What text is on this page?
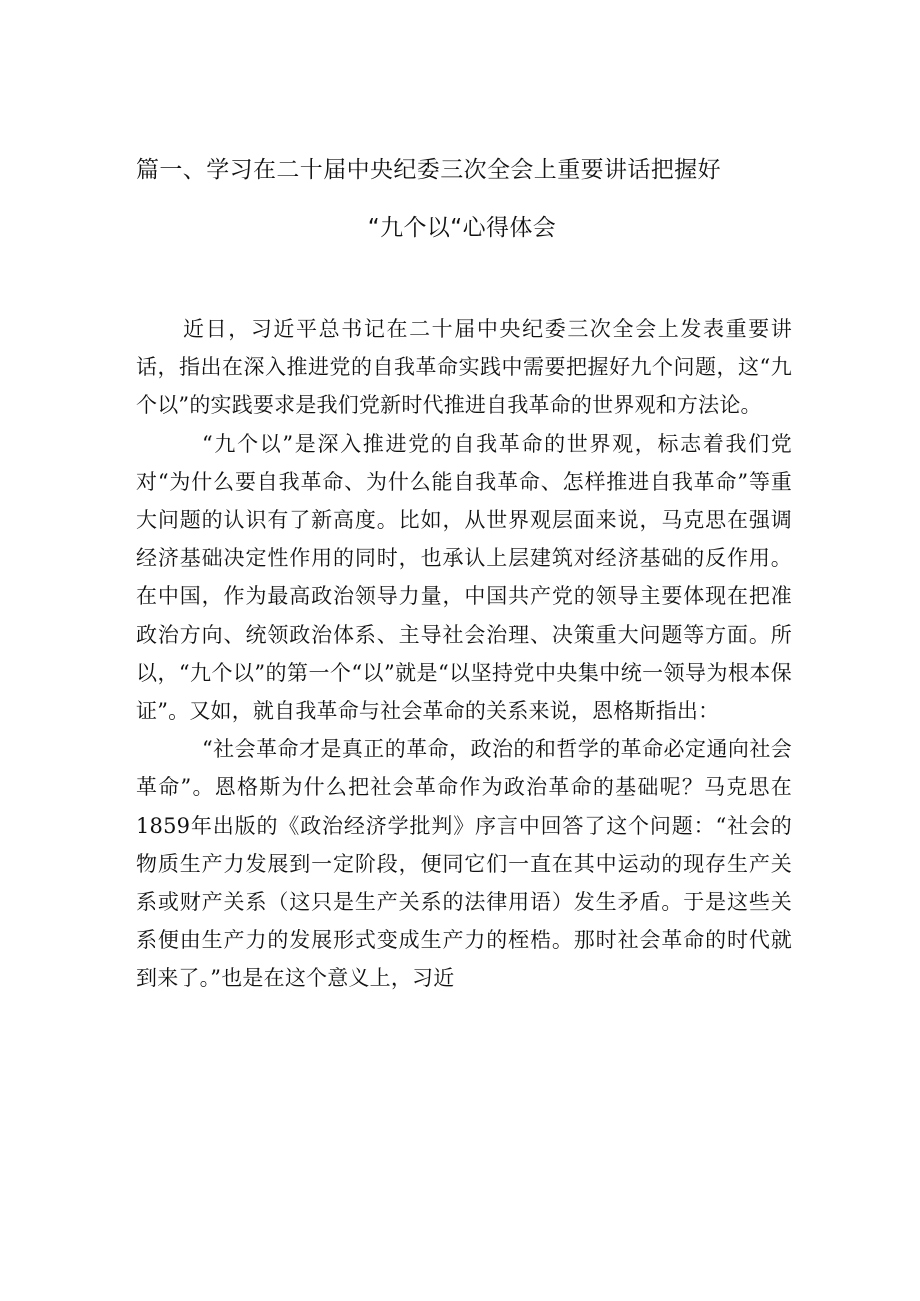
篇一、学习在二十届中央纪委三次全会上重要讲话把握好
“九个以“心得体会

近日，习近平总书记在二十届中央纪委三次全会上发表重要讲话，指出在深入推进党的自我革命实践中需要把握好九个问题，这“九个以”的实践要求是我们党新时代推进自我革命的世界观和方法论。

“九个以”是深入推进党的自我革命的世界观，标志着我们党对“为什么要自我革命、为什么能自我革命、怎样推进自我革命”等重大问题的认识有了新高度。比如，从世界观层面来说，马克思在强调经济基础决定性作用的同时，也承认上层建筑对经济基础的反作用。在中国，作为最高政治领导力量，中国共产党的领导主要体现在把准政治方向、统领政治体系、主导社会治理、决策重大问题等方面。所以，“九个以”的第一个“以”就是“以坚持党中央集中统一领导为根本保证”。又如，就自我革命与社会革命的关系来说，恩格斯指出：

“社会革命才是真正的革命，政治的和哲学的革命必定通向社会革命”。恩格斯为什么把社会革命作为政治革命的基础呢？马克思在1859年出版的《政治经济学批判》序言中回答了这个问题：“社会的物质生产力发展到一定阶段，便同它们一直在其中运动的现存生产关系或财产关系（这只是生产关系的法律用语）发生矛盾。于是这些关系便由生产力的发展形式变成生产力的桎梏。那时社会革命的时代就到来了。”也是在这个意义上，习近
